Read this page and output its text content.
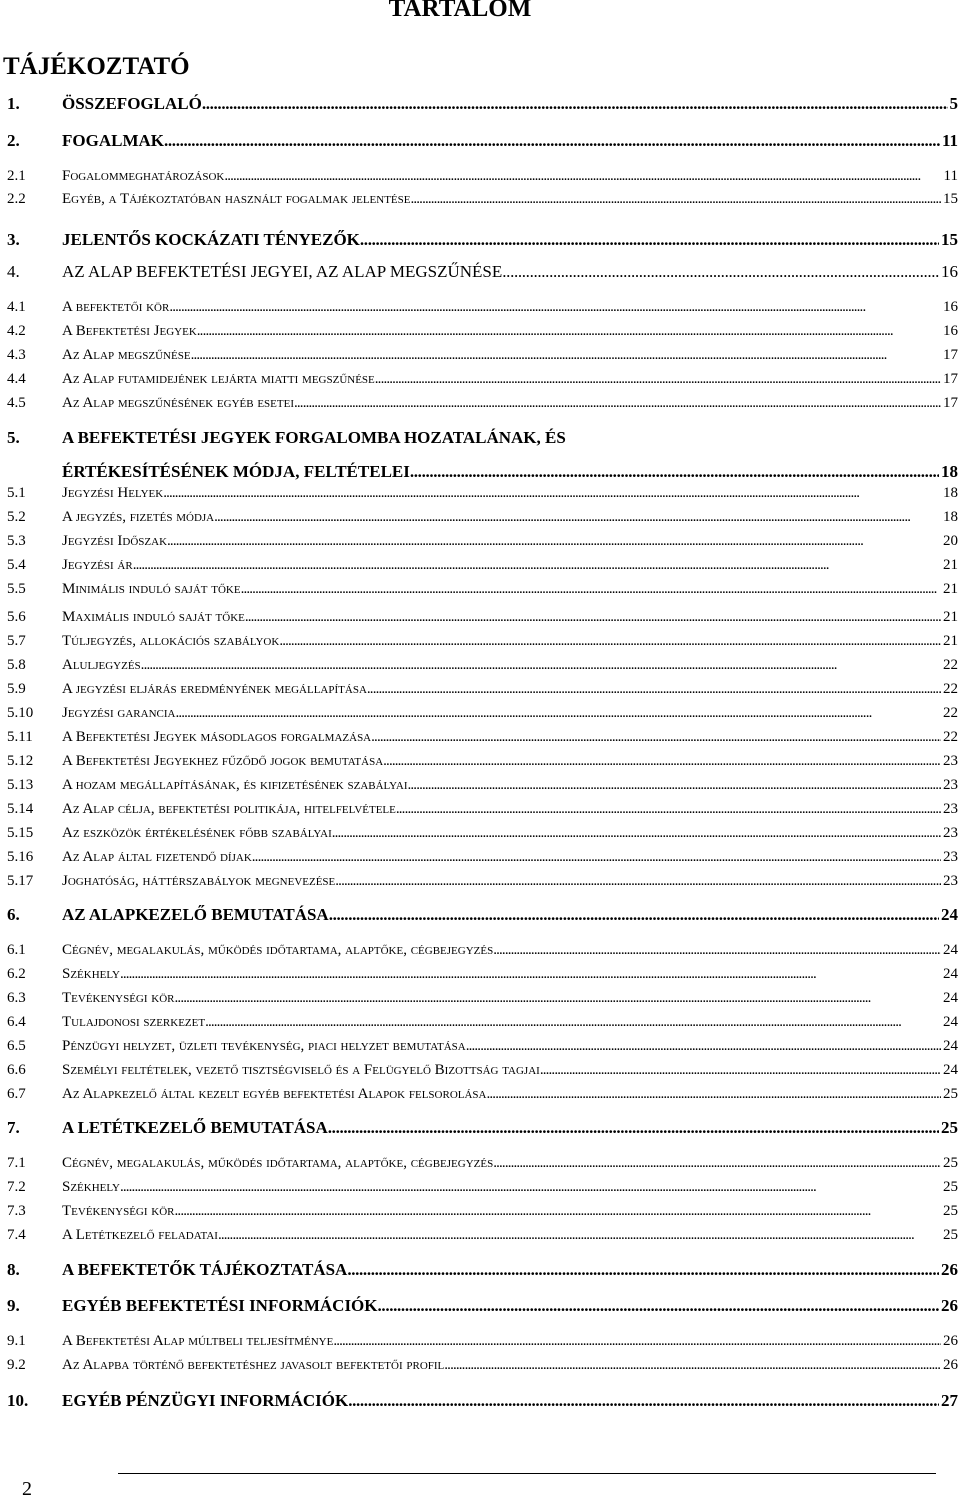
TARTALOM
TÁJÉKOZTATÓ
1. ÖSSZEFOGLALÓ . . .	5
2. FOGALMAK . . .	11
2.1 Fogalommeghatározások . . .	11
2.2 Egyéb, a Tájékoztatóban használt fogalmak jelentése . . .	15
3. JELENTŐS KOCKÁZATI TÉNYEZŐK . . .	15
4. AZ ALAP BEFEKTETÉSI JEGYEI, AZ ALAP MEGSZŰNÉSE . . .	16
4.1 A befektetői kör . . .	16
4.2 A Befektetési Jegyek . . .	16
4.3 Az Alap megszűnése . . .	17
4.4 Az Alap futamidejének lejárta miatti megszűnése . . .	17
4.5 Az Alap megszűnésének egyéb esetei . . .	17
5. A BEFEKTETÉSI JEGYEK FORGALOMBA HOZATALÁNAK, ÉS
ÉRTÉKESÍTÉSÉNEK MÓDJA, FELTÉTELEI . . .	18
5.1 Jegyzési Helyek . . .	18
5.2 A jegyzés, fizetés módja . . .	18
5.3 Jegyzési Időszak . . .	20
5.4 Jegyzési ár . . .	21
5.5 Minimális induló saját tőke . . .	21
5.6 Maximális induló saját tőke . . .	21
5.7 Túljegyzés, allokációs szabályok . . .	21
5.8 Aluljegyzés . . .	22
5.9 A jegyzési eljárás eredményének megállapítása . . .	22
5.10 Jegyzési garancia . . .	22
5.11 A Befektetési Jegyek másodlagos forgalmazása . . .	22
5.12 A Befektetési Jegyekhez fűződő jogok bemutatása . . .	23
5.13 A hozam megállapításának, és kifizetésének szabályai . . .	23
5.14 Az Alap célja, befektetési politikája, hitelfelvétele . . .	23
5.15 Az eszközök értékelésének főbb szabályai . . .	23
5.16 Az Alap által fizetendő díjak . . .	23
5.17 Joghatóság, háttérszabályok megnevezése . . .	23
6. AZ ALAPKEZELŐ BEMUTATÁSA . . .	24
6.1 Cégnév, megalakulás, működés időtartama, alaptőke, cégbejegyzés . . .	24
6.2 Székhely . . .	24
6.3 Tevékenységi kör . . .	24
6.4 Tulajdonosi szerkezet . . .	24
6.5 Pénzügyi helyzet, üzleti tevékenység, piaci helyzet bemutatása . . .	24
6.6 Személyi feltételek, vezető tisztségviselő és a Felügyelő Bizottság tagjai . . .	24
6.7 Az Alapkezelő által kezelt egyéb befektetési Alapok felsorolása . . .	25
7. A LETÉTKEZELŐ BEMUTATÁSA . . .	25
7.1 Cégnév, megalakulás, működés időtartama, alaptőke, cégbejegyzés . . .	25
7.2 Székhely . . .	25
7.3 Tevékenységi kör . . .	25
7.4 A Letétkezelő feladatai . . .	25
8. A BEFEKTETŐK TÁJÉKOZTATÁSA . . .	26
9. EGYÉB BEFEKTETÉSI INFORMÁCIÓK . . .	26
9.1 A Befektetési Alap múltbeli teljesítménye . . .	26
9.2 Az Alapba történő befektetéshez javasolt befektetői profil . . .	26
10. EGYÉB PÉNZÜGYI INFORMÁCIÓK . . .	27
2
